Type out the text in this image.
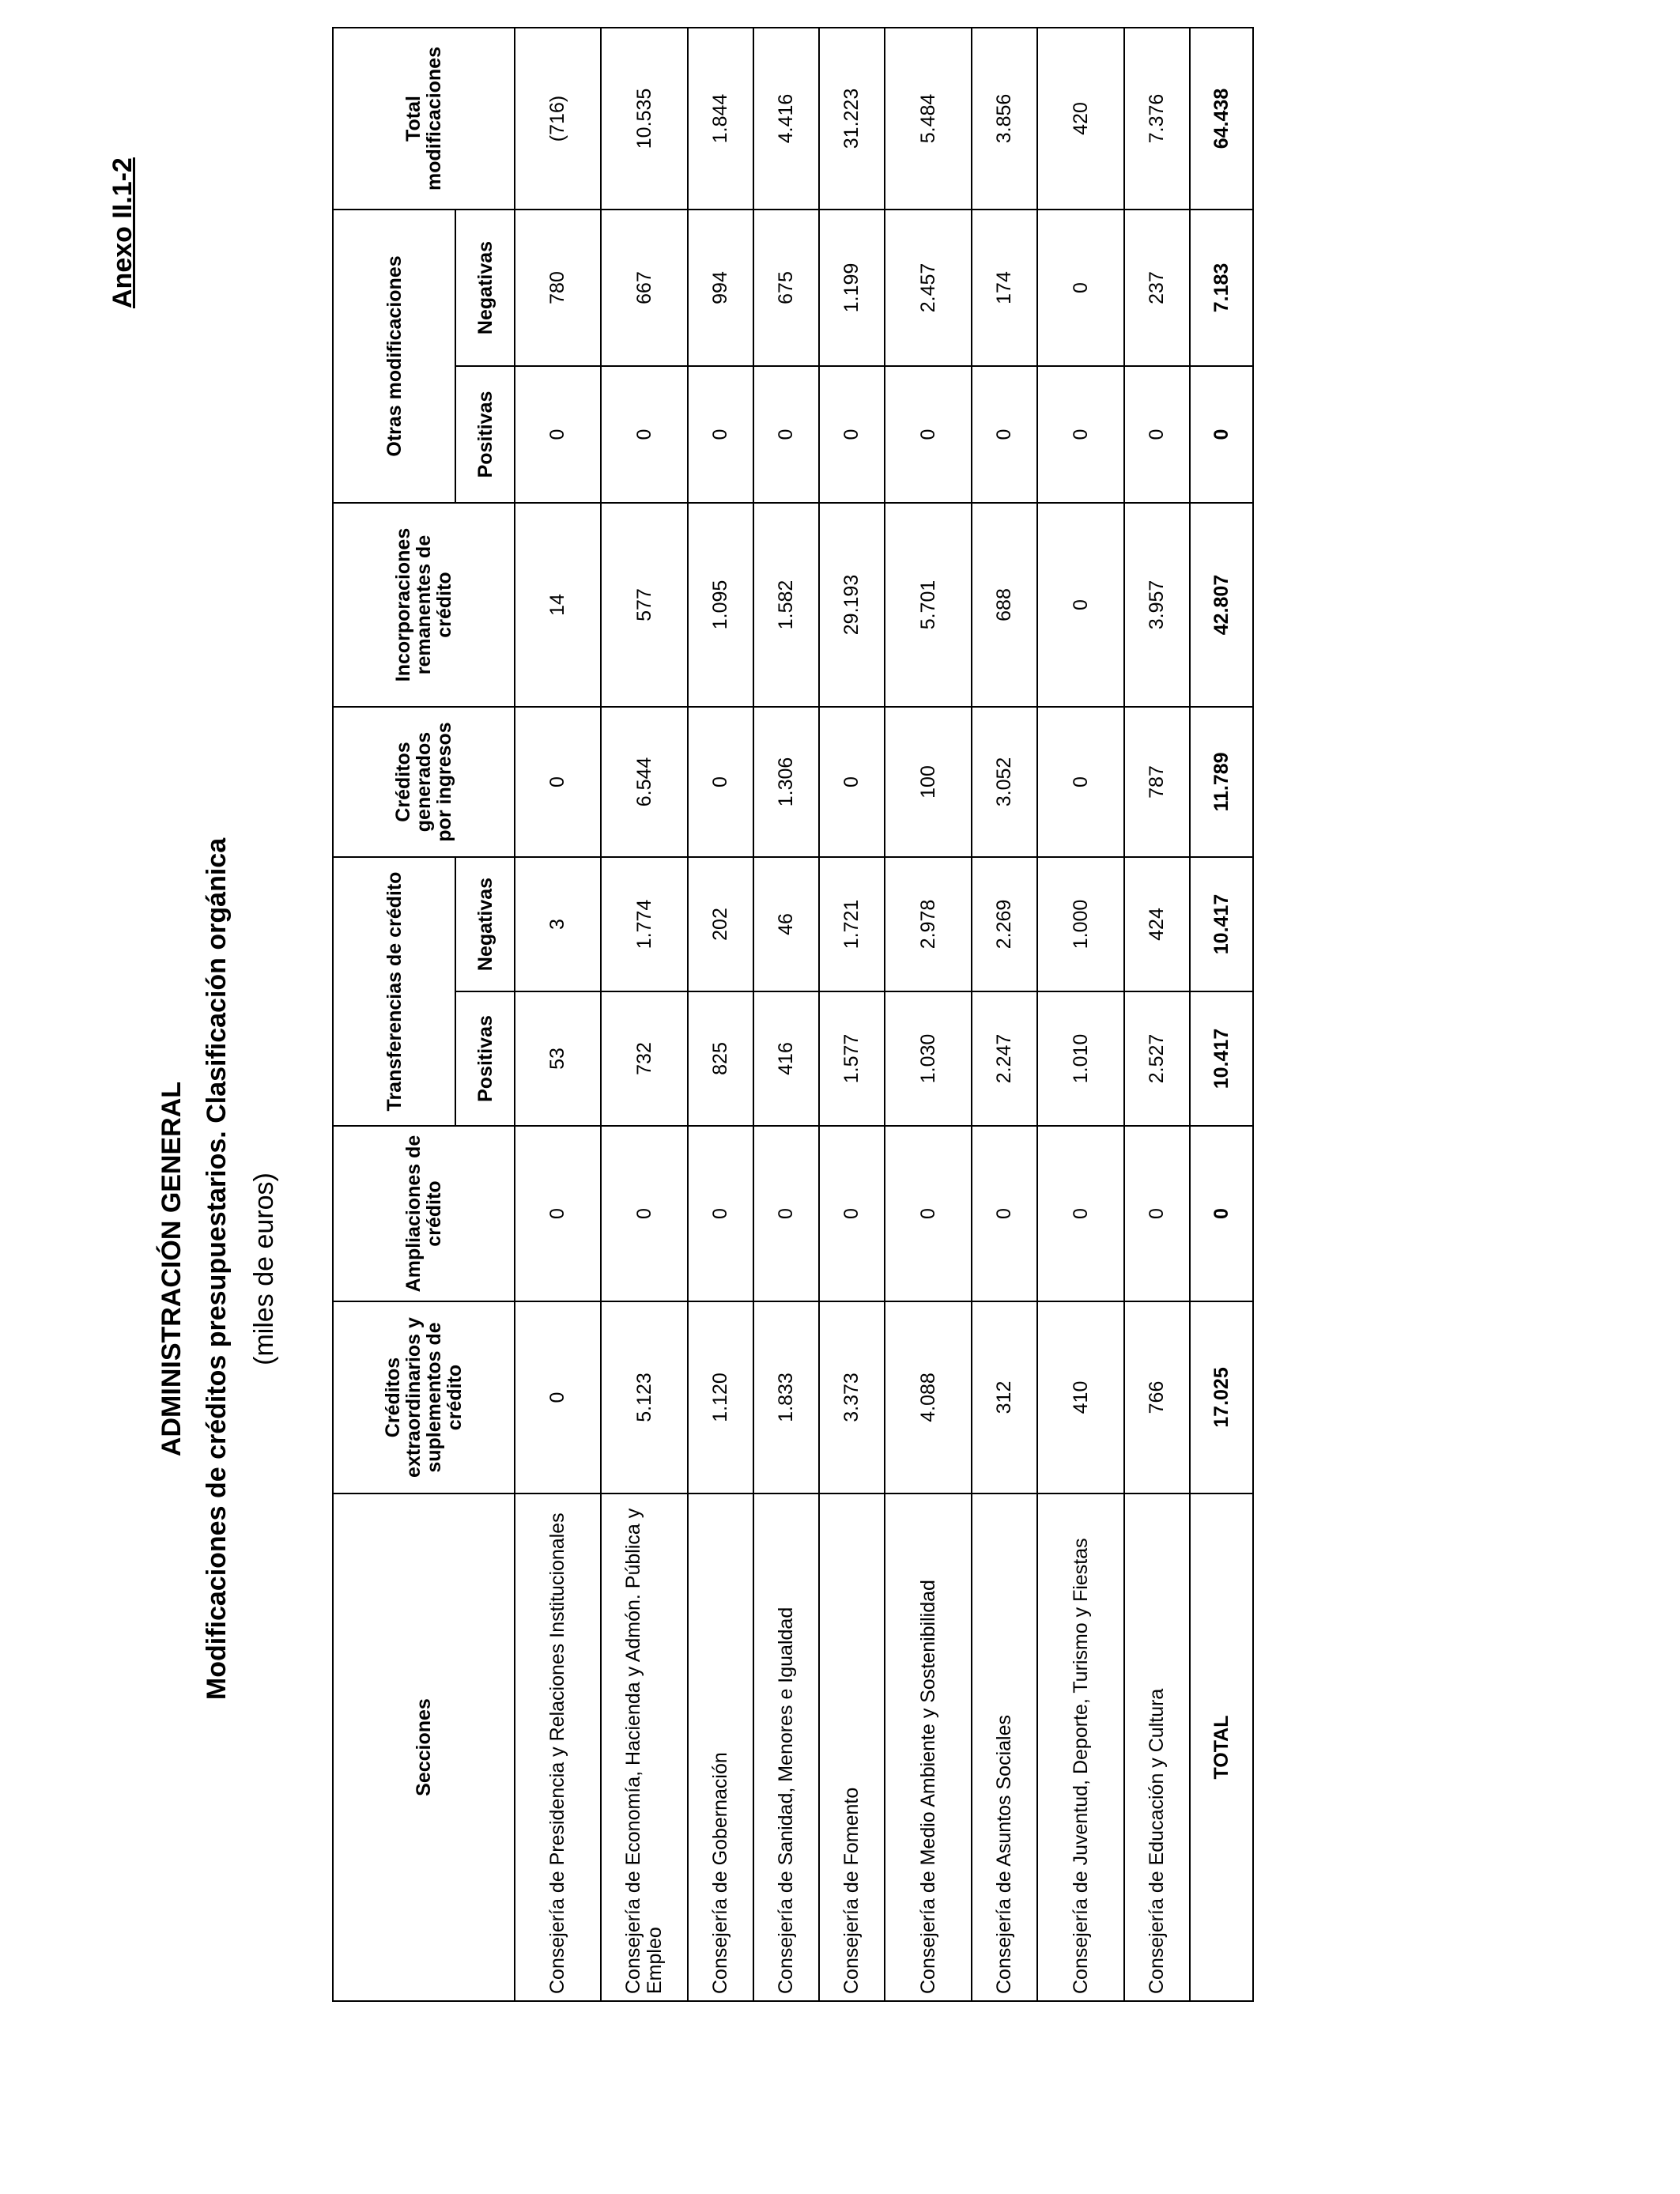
Anexo II.1-2
ADMINISTRACIÓN GENERAL Modificaciones de créditos presupuestarios. Clasificación orgánica (miles de euros)
Secciones	Créditos extraordinarios y suplementos de crédito	Ampliaciones de crédito	Transferencias de crédito		Créditos generados por ingresos	Incorporaciones remanentes de crédito	Otras modificaciones		Total modificaciones
			Positivas	Negativas			Positivas	Negativas	
Consejería de Presidencia y Relaciones Institucionales	0	0	53	3	0	14	0	780	(716)
Consejería de Economía, Hacienda y Admón. Pública y Empleo	5.123	0	732	1.774	6.544	577	0	667	10.535
Consejería de Gobernación	1.120	0	825	202	0	1.095	0	994	1.844
Consejería de Sanidad, Menores e Igualdad	1.833	0	416	46	1.306	1.582	0	675	4.416
Consejería de Fomento	3.373	0	1.577	1.721	0	29.193	0	1.199	31.223
Consejería de Medio Ambiente y Sostenibilidad	4.088	0	1.030	2.978	100	5.701	0	2.457	5.484
Consejería de Asuntos Sociales	312	0	2.247	2.269	3.052	688	0	174	3.856
Consejería de Juventud, Deporte, Turismo y Fiestas	410	0	1.010	1.000	0	0	0	0	420
Consejería de Educación y Cultura	766	0	2.527	424	787	3.957	0	237	7.376
TOTAL	17.025	0	10.417	10.417	11.789	42.807	0	7.183	64.438
